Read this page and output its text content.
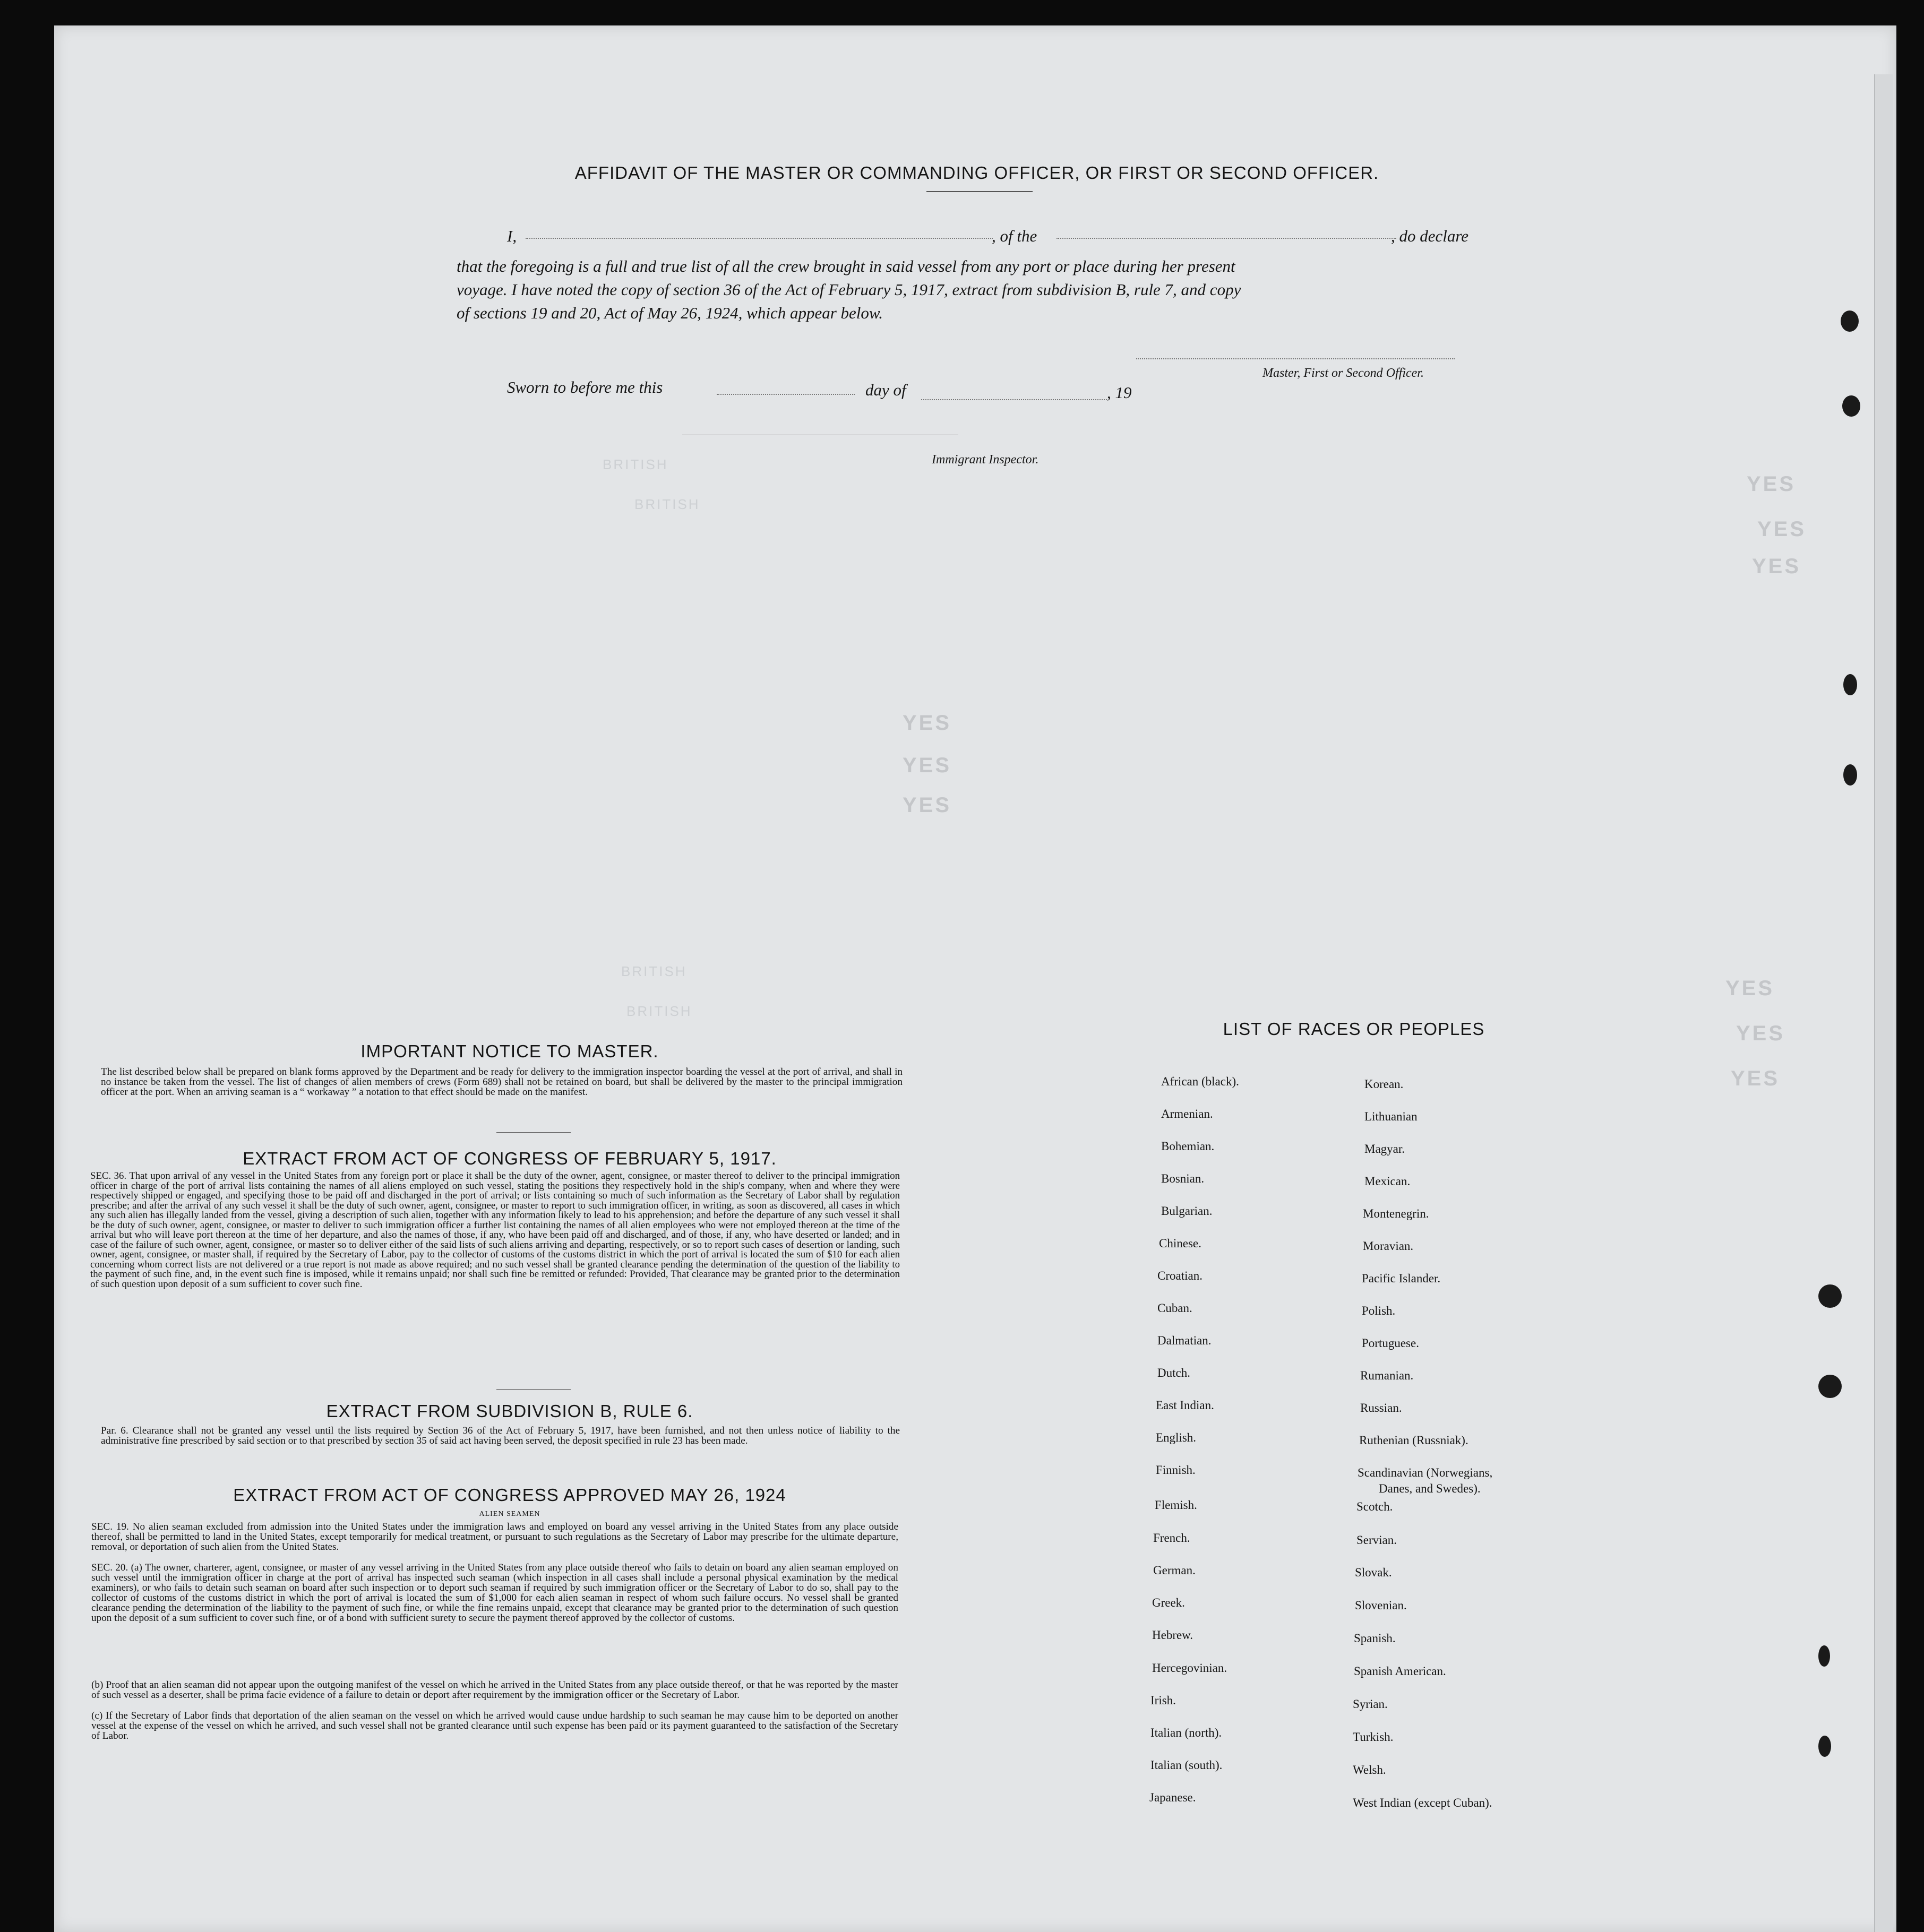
YES
YES
YES
YES
YES
YES
YES
YES
YES
BRITISH
BRITISH
BRITISH
BRITISH
AFFIDAVIT OF THE MASTER OR COMMANDING OFFICER, OR FIRST OR SECOND OFFICER.
I,	, of the	, do declare
that the foregoing is a full and true list of all the crew brought in said vessel from any port or place during her present
voyage. I have noted the copy of section 36 of the Act of February 5, 1917, extract from subdivision B, rule 7, and copy
of sections 19 and 20, Act of May 26, 1924, which appear below.
Master, First or Second Officer.
Sworn to before me this	day of	, 19
Immigrant Inspector.
IMPORTANT NOTICE TO MASTER.
The list described below shall be prepared on blank forms approved by the Department and be ready for delivery to the immigration inspector boarding the vessel at the port of arrival, and shall in no instance be taken from the vessel. The list of changes of alien members of crews (Form 689) shall not be retained on board, but shall be delivered by the master to the principal immigration officer at the port. When an arriving seaman is a “ workaway ” a notation to that effect should be made on the manifest.
EXTRACT FROM ACT OF CONGRESS OF FEBRUARY 5, 1917.
SEC. 36. That upon arrival of any vessel in the United States from any foreign port or place it shall be the duty of the owner, agent, consignee, or master thereof to deliver to the principal immigration officer in charge of the port of arrival lists containing the names of all aliens employed on such vessel, stating the positions they respectively hold in the ship's company, when and where they were respectively shipped or engaged, and specifying those to be paid off and discharged in the port of arrival; or lists containing so much of such information as the Secretary of Labor shall by regulation prescribe; and after the arrival of any such vessel it shall be the duty of such owner, agent, consignee, or master to report to such immigration officer, in writing, as soon as discovered, all cases in which any such alien has illegally landed from the vessel, giving a description of such alien, together with any information likely to lead to his apprehension; and before the departure of any such vessel it shall be the duty of such owner, agent, consignee, or master to deliver to such immigration officer a further list containing the names of all alien employees who were not employed thereon at the time of the arrival but who will leave port thereon at the time of her departure, and also the names of those, if any, who have been paid off and discharged, and of those, if any, who have deserted or landed; and in case of the failure of such owner, agent, consignee, or master so to deliver either of the said lists of such aliens arriving and departing, respectively, or so to report such cases of desertion or landing, such owner, agent, consignee, or master shall, if required by the Secretary of Labor, pay to the collector of customs of the customs district in which the port of arrival is located the sum of $10 for each alien concerning whom correct lists are not delivered or a true report is not made as above required; and no such vessel shall be granted clearance pending the determination of the question of the liability to the payment of such fine, and, in the event such fine is imposed, while it remains unpaid; nor shall such fine be remitted or refunded: Provided, That clearance may be granted prior to the determination of such question upon deposit of a sum sufficient to cover such fine.
EXTRACT FROM SUBDIVISION B, RULE 6.
Par. 6. Clearance shall not be granted any vessel until the lists required by Section 36 of the Act of February 5, 1917, have been furnished, and not then unless notice of liability to the administrative fine prescribed by said section or to that prescribed by section 35 of said act having been served, the deposit specified in rule 23 has been made.
EXTRACT FROM ACT OF CONGRESS APPROVED MAY 26, 1924
ALIEN SEAMEN
SEC. 19. No alien seaman excluded from admission into the United States under the immigration laws and employed on board any vessel arriving in the United States from any place outside thereof, shall be permitted to land in the United States, except temporarily for medical treatment, or pursuant to such regulations as the Secretary of Labor may prescribe for the ultimate departure, removal, or deportation of such alien from the United States.
SEC. 20. (a) The owner, charterer, agent, consignee, or master of any vessel arriving in the United States from any place outside thereof who fails to detain on board any alien seaman employed on such vessel until the immigration officer in charge at the port of arrival has inspected such seaman (which inspection in all cases shall include a personal physical examination by the medical examiners), or who fails to detain such seaman on board after such inspection or to deport such seaman if required by such immigration officer or the Secretary of Labor to do so, shall pay to the collector of customs of the customs district in which the port of arrival is located the sum of $1,000 for each alien seaman in respect of whom such failure occurs. No vessel shall be granted clearance pending the determination of the liability to the payment of such fine, or while the fine remains unpaid, except that clearance may be granted prior to the determination of such question upon the deposit of a sum sufficient to cover such fine, or of a bond with sufficient surety to secure the payment thereof approved by the collector of customs.
(b) Proof that an alien seaman did not appear upon the outgoing manifest of the vessel on which he arrived in the United States from any place outside thereof, or that he was reported by the master of such vessel as a deserter, shall be prima facie evidence of a failure to detain or deport after requirement by the immigration officer or the Secretary of Labor.
(c) If the Secretary of Labor finds that deportation of the alien seaman on the vessel on which he arrived would cause undue hardship to such seaman he may cause him to be deported on another vessel at the expense of the vessel on which he arrived, and such vessel shall not be granted clearance until such expense has been paid or its payment guaranteed to the satisfaction of the Secretary of Labor.
LIST OF RACES OR PEOPLES
African (black).
Armenian.
Bohemian.
Bosnian.
Bulgarian.
Chinese.
Croatian.
Cuban.
Dalmatian.
Dutch.
East Indian.
English.
Finnish.
Flemish.
French.
German.
Greek.
Hebrew.
Hercegovinian.
Irish.
Italian (north).
Italian (south).
Japanese.
Korean.
Lithuanian
Magyar.
Mexican.
Montenegrin.
Moravian.
Pacific Islander.
Polish.
Portuguese.
Rumanian.
Russian.
Ruthenian (Russniak).
Scandinavian (Norwegians,
Danes, and Swedes).
Scotch.
Servian.
Slovak.
Slovenian.
Spanish.
Spanish American.
Syrian.
Turkish.
Welsh.
West Indian (except Cuban).
